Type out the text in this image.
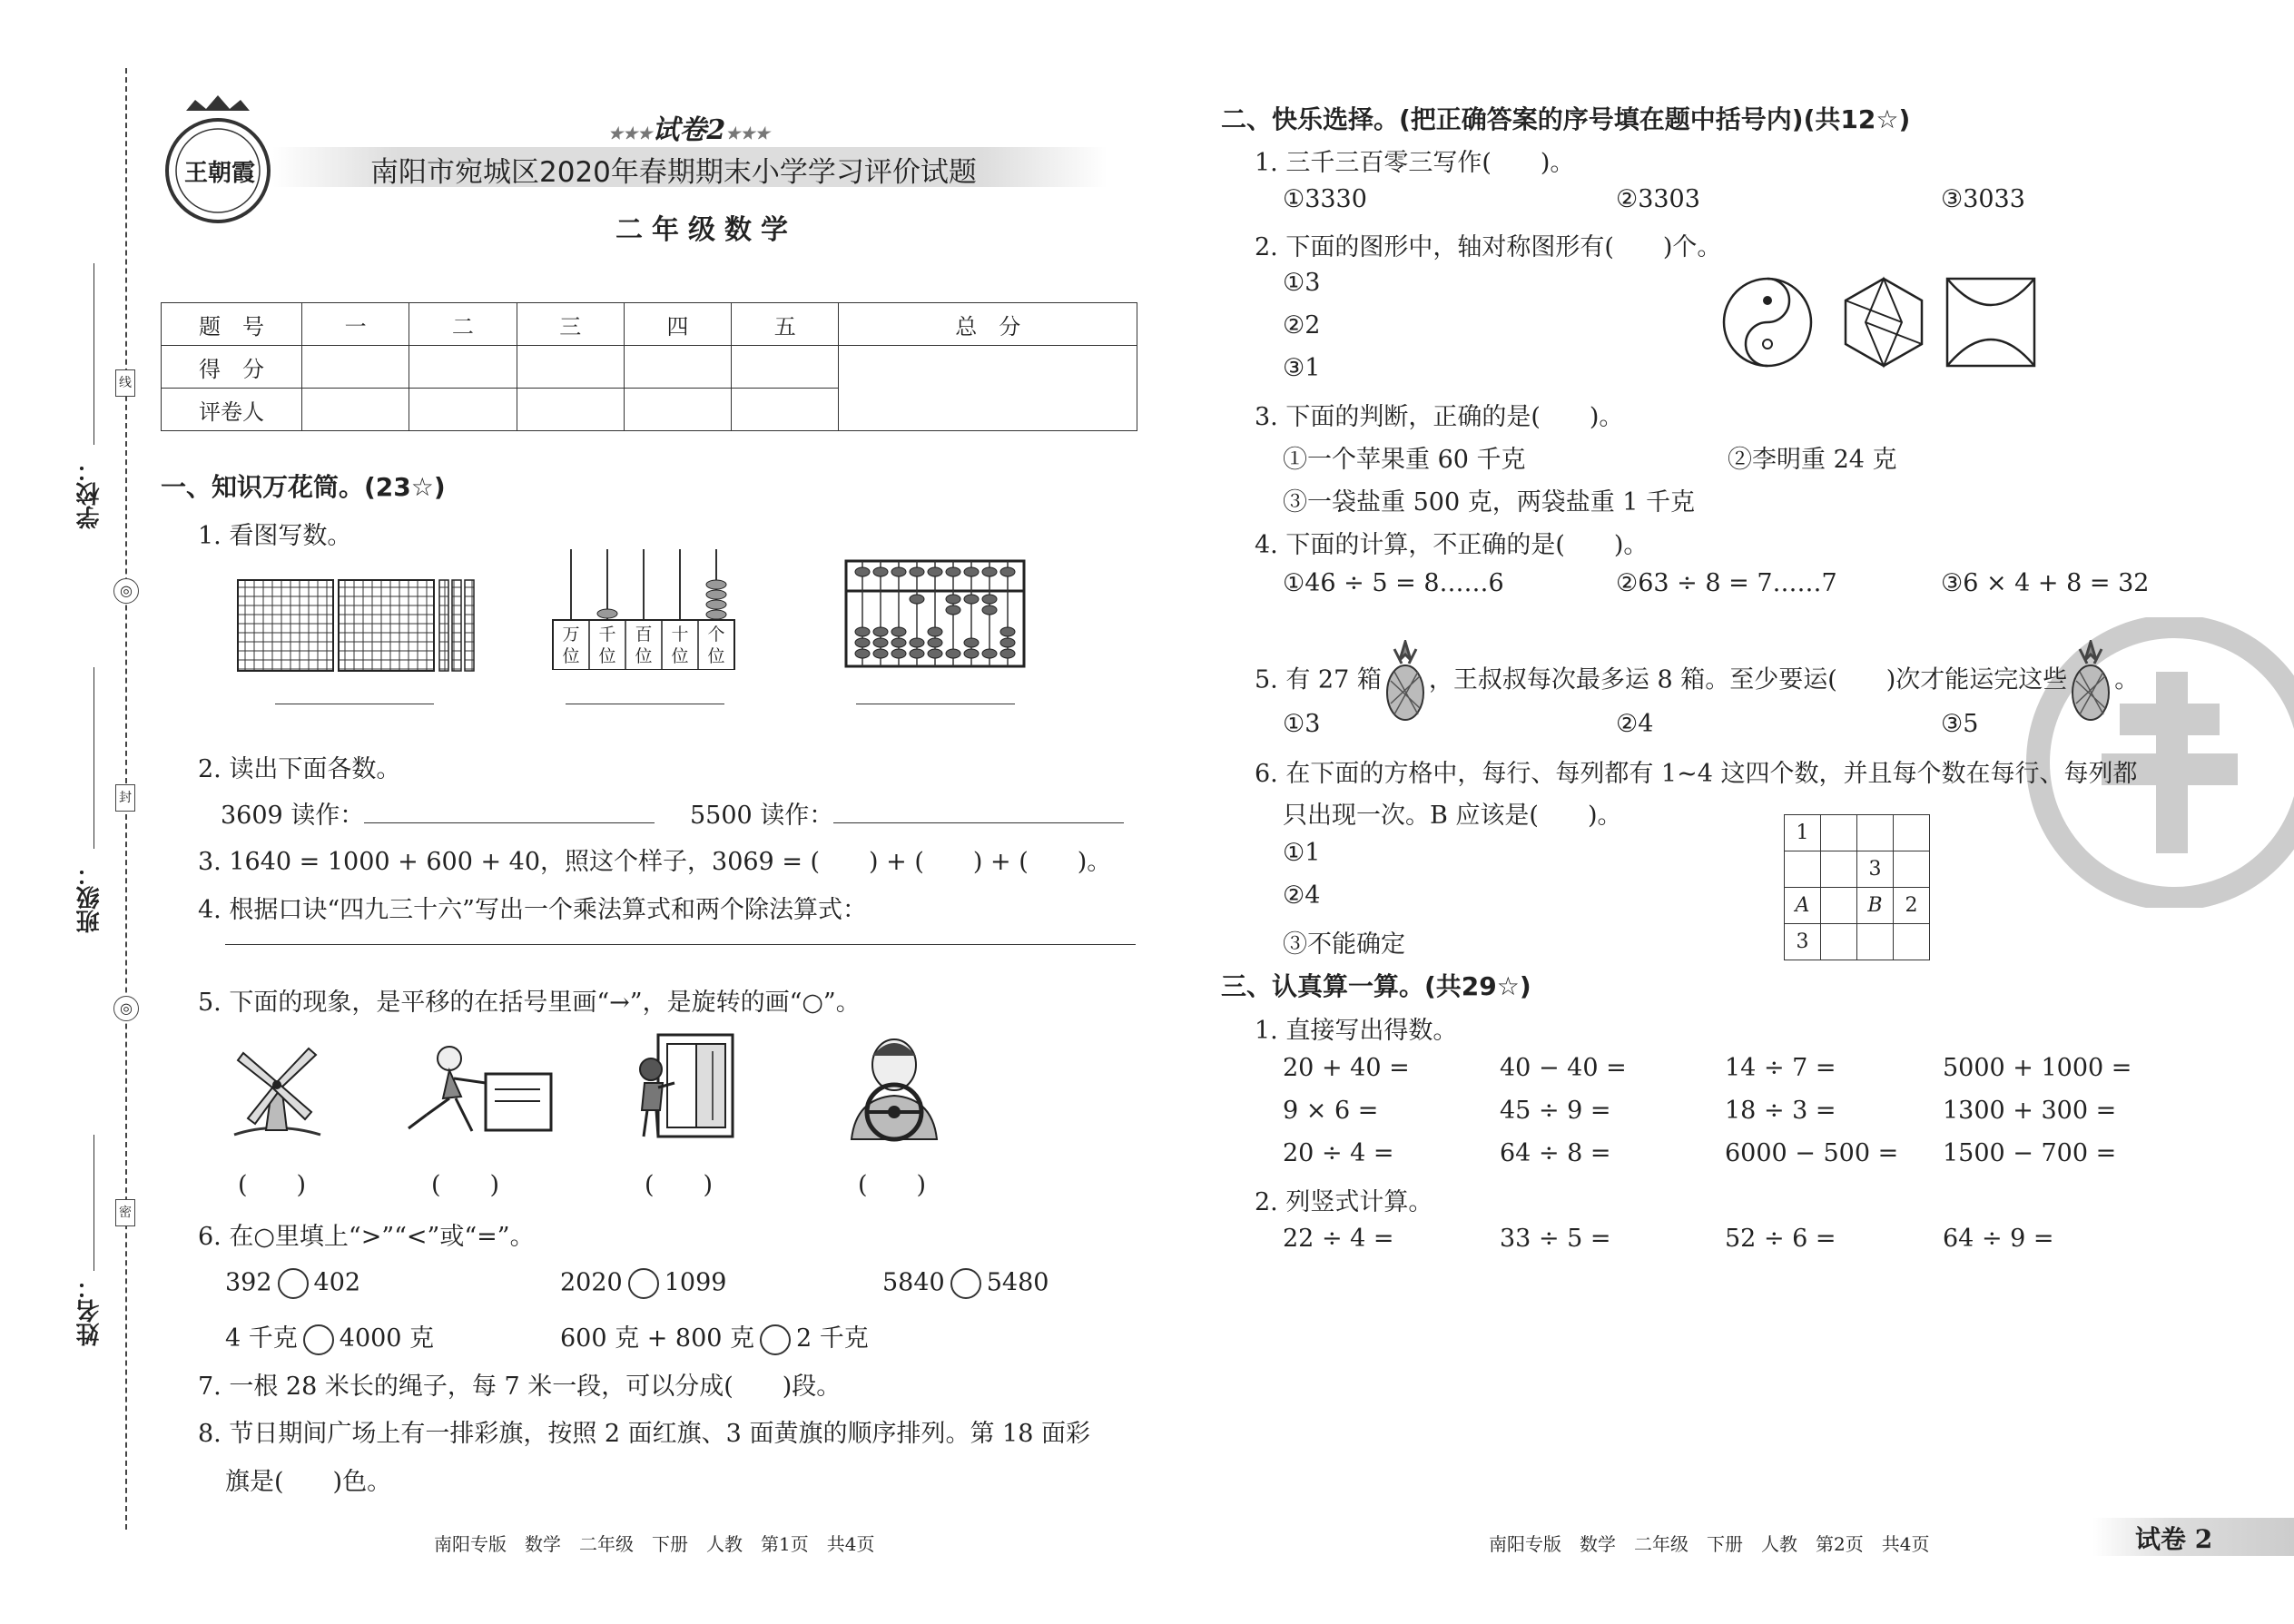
学校：
班级：
姓名：
线
封
密
◎
◎
王朝霞
★★★试卷2★★★
南阳市宛城区2020年春期期末小学学习评价试题
二年级数学
题　号	一	二	三	四	五	总　分
得　分						
评卷人						
一、知识万花筒。(23☆)
1. 看图写数。
万位
千位
百位
十位
个位
2. 读出下面各数。
3609 读作：	5500 读作：
3. 1640 = 1000 + 600 + 40，照这个样子，3069 = (　　) + (　　) + (　　)。
4. 根据口诀“四九三十六”写出一个乘法算式和两个除法算式：
5. 下面的现象，是平移的在括号里画“→”，是旋转的画“○”。
(　　)	(　　)	(　　)	(　　)
6. 在○里填上“>”“<”或“=”。
392 402	2020 1099	5840 5480
4 千克 4000 克	600 克 + 800 克 2 千克
7. 一根 28 米长的绳子，每 7 米一段，可以分成(　　)段。
8. 节日期间广场上有一排彩旗，按照 2 面红旗、3 面黄旗的顺序排列。第 18 面彩
旗是(　　)色。
南阳专版　数学　二年级　下册　人教　第1页　共4页
二、快乐选择。(把正确答案的序号填在题中括号内)(共12☆)
1. 三千三百零三写作(　　)。
①3330	②3303	③3033
2. 下面的图形中，轴对称图形有(　　)个。
①3
②2
③1
3. 下面的判断，正确的是(　　)。
①一个苹果重 60 千克	②李明重 24 克
③一袋盐重 500 克，两袋盐重 1 千克
4. 下面的计算，不正确的是(　　)。
①46 ÷ 5 = 8……6	②63 ÷ 8 = 7……7	③6 × 4 + 8 = 32
5. 有 27 箱 ，王叔叔每次最多运 8 箱。至少要运(　　)次才能运完这些 。
①3	②4	③5
6. 在下面的方格中，每行、每列都有 1~4 这四个数，并且每个数在每行、每列都
只出现一次。B 应该是(　　)。
①1
②4
③不能确定
1			
		3	
A		B	2
3			
三、认真算一算。(共29☆)
1. 直接写出得数。
20 + 40 =	40 − 40 =	14 ÷ 7 =	5000 + 1000 =
9 × 6 =	45 ÷ 9 =	18 ÷ 3 =	1300 + 300 =
20 ÷ 4 =	64 ÷ 8 =	6000 − 500 = 1500 − 700 =
2. 列竖式计算。
22 ÷ 4 =	33 ÷ 5 =	52 ÷ 6 =	64 ÷ 9 =
南阳专版　数学　二年级　下册　人教　第2页　共4页	试卷 2
